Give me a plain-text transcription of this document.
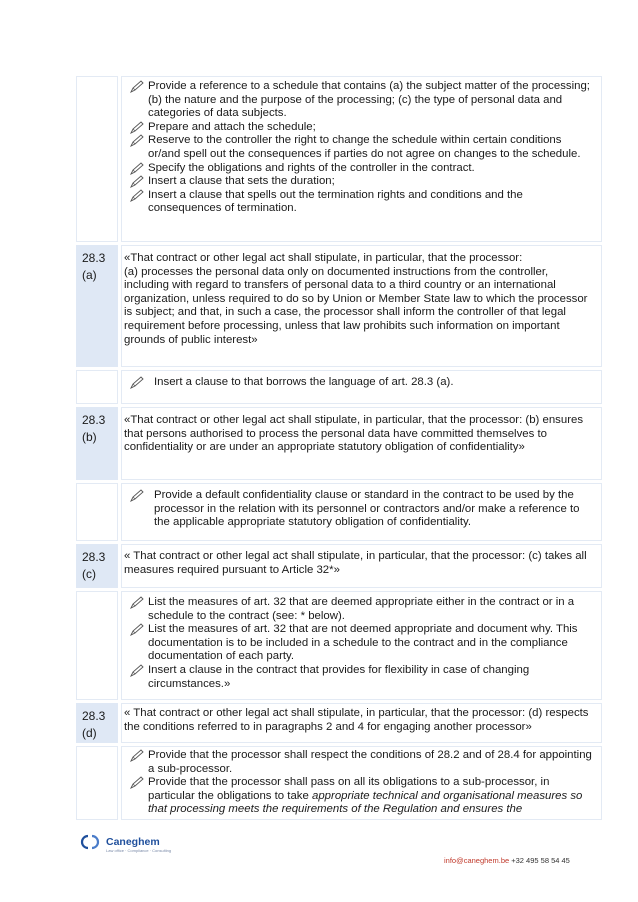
Provide a reference to a schedule that contains (a) the subject matter of the processing; (b) the nature and the purpose of the processing; (c) the type of personal data and categories of data subjects.
Prepare and attach the schedule;
Reserve to the controller the right to change the schedule within certain conditions or/and spell out the consequences if parties do not agree on changes to the schedule.
Specify the obligations and rights of the controller in the contract.
Insert a clause that sets the duration;
Insert a clause that spells out the termination rights and conditions and the consequences of termination.
28.3
(a)
«That contract or other legal act shall stipulate, in particular, that the processor:
(a) processes the personal data only on documented instructions from the controller, including with regard to transfers of personal data to a third country or an international organization, unless required to do so by Union or Member State law to which the processor is subject; and that, in such a case, the processor shall inform the controller of that legal requirement before processing, unless that law prohibits such information on important grounds of public interest»
Insert a clause to that borrows the language of art. 28.3 (a).
28.3
(b)
«That contract or other legal act shall stipulate, in particular, that the processor: (b) ensures that persons authorised to process the personal data have committed themselves to confidentiality or are under an appropriate statutory obligation of confidentiality»
Provide a default confidentiality clause or standard in the contract to be used by the processor in the relation with its personnel or contractors and/or make a reference to the applicable appropriate statutory obligation of confidentiality.
28.3
(c)
« That contract or other legal act shall stipulate, in particular, that the processor: (c) takes all measures required pursuant to Article 32*»
List the measures of art. 32 that are deemed appropriate either in the contract or in a schedule to the contract (see: * below).
List the measures of art. 32 that are not deemed appropriate and document why. This documentation is to be included in a schedule to the contract and in the compliance documentation of each party.
Insert a clause in the contract that provides for flexibility in case of changing circumstances.»
28.3
(d)
« That contract or other legal act shall stipulate, in particular, that the processor: (d) respects the conditions referred to in paragraphs 2 and 4 for engaging another processor»
Provide that the processor shall respect the conditions of 28.2 and of 28.4 for appointing a sub-processor.
Provide that the processor shall pass on all its obligations to a sub-processor, in particular the obligations to take appropriate technical and organisational measures so that processing meets the requirements of the Regulation and ensures the
Caneghem
Law office · Compliance · Consulting
info@caneghem.be +32 495 58 54 45
